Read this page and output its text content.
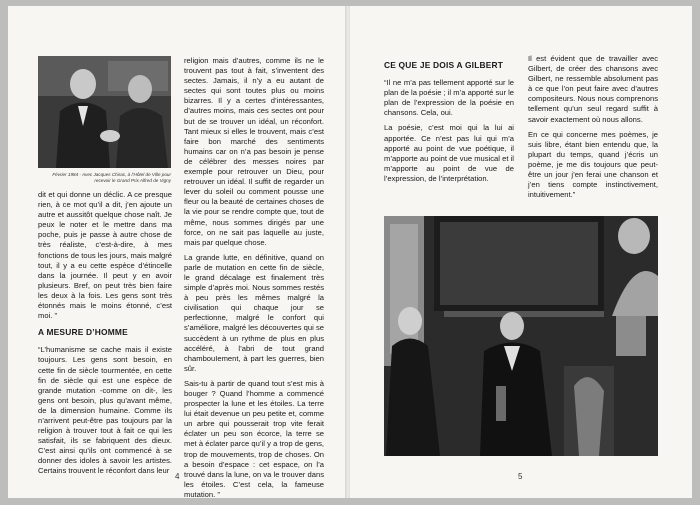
Février 1984 - Avec Jacques Chirac, à l’Hôtel de Ville pour recevoir le Grand Prix Alfred de Vigny

dit et qui donne un déclic. A ce presque rien, à ce mot qu’il a dit, j’en ajoute un autre et aussitôt quelque chose naît. Je peux le noter et le mettre dans ma poche, puis je passe à autre chose de très réaliste, c’est-à-dire, à mes fonctions de tous les jours, mais malgré tout, il y a eu cette espèce d’étincelle dans la journée. Il peut y en avoir plusieurs. Bref, on peut très bien faire les deux à la fois. Les gens sont très étonnés mais le moins étonné, c’est moi. ”

A MESURE D’HOMME

“L’humanisme se cache mais il existe toujours. Les gens sont besoin, en cette fin de siècle tourmentée, en cette fin de siècle qui est une espèce de grande mutation -comme on dit-, les gens ont besoin, plus qu’avant même, de la dimension humaine. Comme ils n’arrivent peut-être pas toujours par la religion à trouver tout à fait ce qui les satisfait, ils se fabriquent des dieux. C’est ainsi qu’ils ont commencé à se donner des idoles à savoir les artistes. Certains trouvent le réconfort dans leur

religion mais d’autres, comme ils ne le trouvent pas tout à fait, s’inventent des sectes. Jamais, il n’y a eu autant de sectes qui sont toutes plus ou moins bizarres. Il y a certes d’intéressantes, d’autres moins, mais ces sectes ont pour but de se trouver un idéal, un réconfort. Tant mieux si elles le trouvent, mais c’est faire bon marché des sentiments humains car on n’a pas besoin je pense de célébrer des messes noires par exemple pour retrouver un Dieu, pour retrouver un idéal. Il suffit de regarder un lever du soleil ou comment pousse une fleur ou la beauté de certaines choses de la vie pour se rendre compte que, tout de même, nous sommes dirigés par une force, on ne sait pas laquelle au juste, mais par quelque chose.

La grande lutte, en définitive, quand on parle de mutation en cette fin de siècle, le grand décalage est finalement très simple d’après moi. Nous sommes restés à peu près les mêmes malgré la civilisation qui chaque jour se perfectionne, malgré le confort qui s’améliore, malgré les découvertes qui se succèdent à un rythme de plus en plus accéléré, à l’abri de tout grand chambouIement, à part les guerres, bien sûr.

Sais-tu à partir de quand tout s’est mis à bouger ? Quand l’homme a commencé prospecter la lune et les étoiles. La terre lui était devenue un peu petite et, comme un arbre qui pousserait trop vite ferait éclater un peu son écorce, la terre se met à éclater parce qu’il y a trop de gens, trop de mouvements, trop de choses. On a besoin d’espace : cet espace, on l’a trouvé dans la lune, on va le trouver dans les étoiles. C’est cela, la fameuse mutation. ”

4
CE QUE JE DOIS A GILBERT

“Il ne m’a pas tellement apporté sur le plan de la poésie ; il m’a apporté sur le plan de l’expression de la poésie en chansons. Cela, oui.

La poésie, c’est moi qui la lui ai apportée. Ce n’est pas lui qui m’a apporté au point de vue poétique, il m’apporte au point de vue musical et il m’apporte au point de vue de l’expression, de l’interprétation.

Il est évident que de travailler avec Gilbert, de créer des chansons avec Gilbert, ne ressemble absolument pas à ce que l’on peut faire avec d’autres compositeurs. Nous nous comprenons tellement qu’un seul regard suffit à savoir exactement où nous allons.

En ce qui concerne mes poèmes, je suis libre, étant bien entendu que, la plupart du temps, quand j’écris un poème, je me dis toujours que peut-être un jour j’en ferai une chanson et j’en tiens compte instinctivement, intuitivement.”

5
